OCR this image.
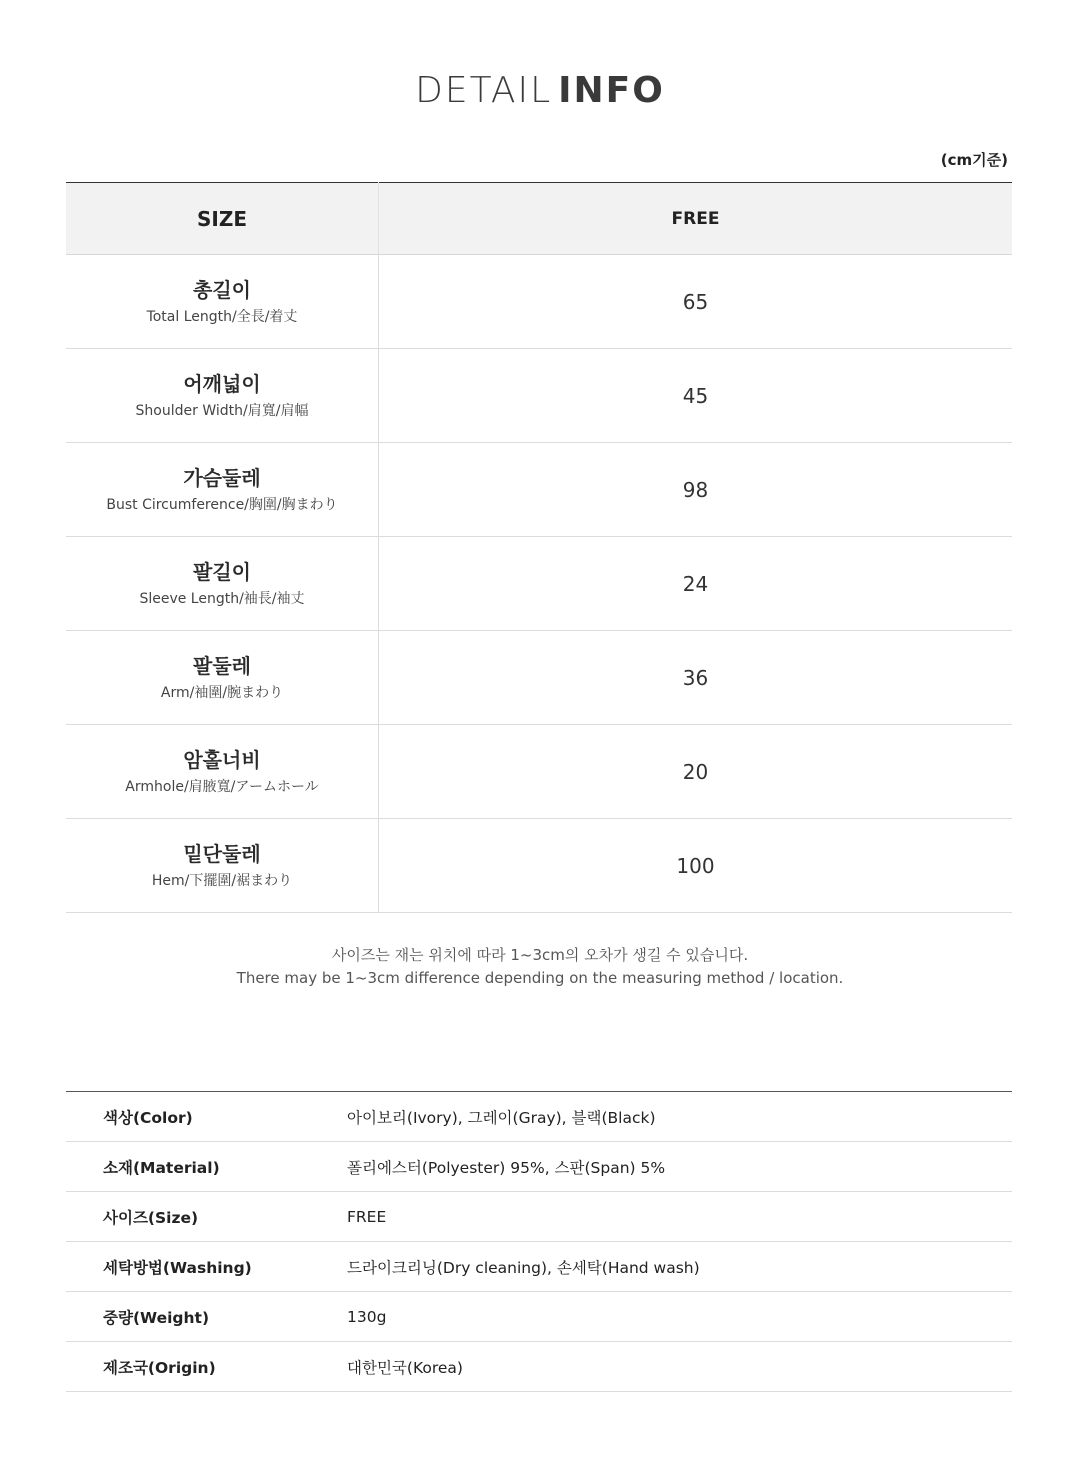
DETAIL INFO
(cm기준)
SIZE	FREE

총길이
Total Length/全長/着丈	65

어깨넓이
Shoulder Width/肩寬/肩幅	45

가슴둘레
Bust Circumference/胸圍/胸まわり	98

팔길이
Sleeve Length/袖長/袖丈	24

팔둘레
Arm/袖圍/腕まわり	36

암홀너비
Armhole/肩腋寬/アームホール	20

밑단둘레
Hem/下擺圍/裾まわり	100
사이즈는 재는 위치에 따라 1~3cm의 오차가 생길 수 있습니다.
There may be 1~3cm difference depending on the measuring method / location.
색상(Color)	아이보리(Ivory), 그레이(Gray), 블랙(Black)
소재(Material)	폴리에스터(Polyester) 95%, 스판(Span) 5%
사이즈(Size)	FREE
세탁방법(Washing)	드라이크리닝(Dry cleaning), 손세탁(Hand wash)
중량(Weight)	130g
제조국(Origin)	대한민국(Korea)
